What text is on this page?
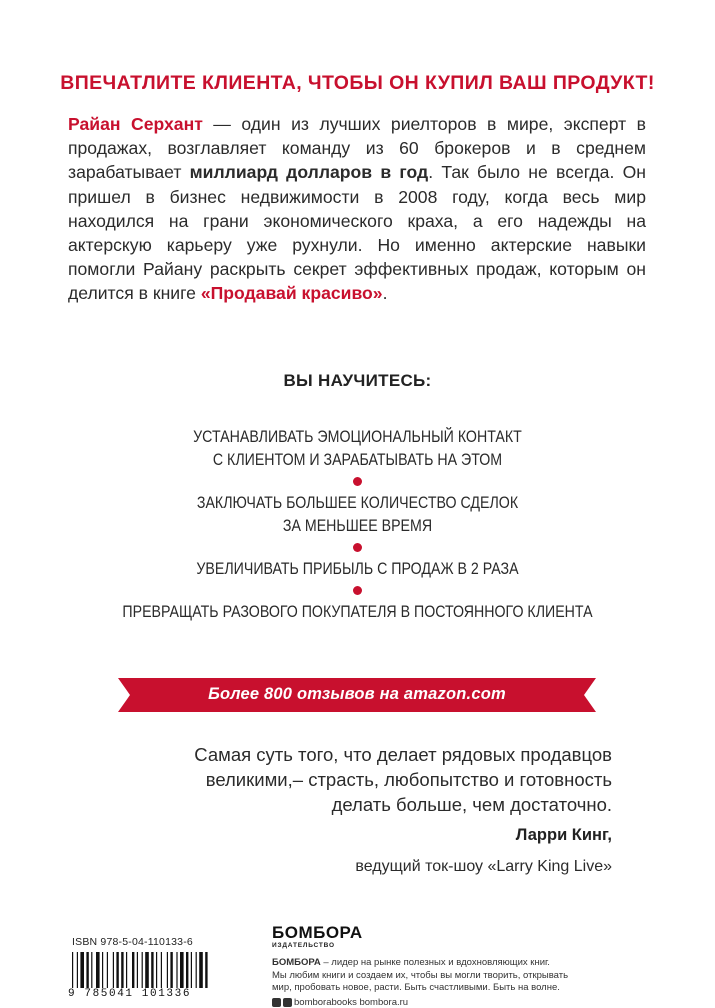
ВПЕЧАТЛИТЕ КЛИЕНТА, ЧТОБЫ ОН КУПИЛ ВАШ ПРОДУКТ!

Райан Серхант — один из лучших риелторов в мире, эксперт в продажах, возглавляет команду из 60 брокеров и в среднем зарабатывает миллиард долларов в год. Так было не всегда. Он пришел в бизнес недвижимости в 2008 году, когда весь мир находился на грани экономического краха, а его надежды на актерскую карьеру уже рухнули. Но именно актерские навыки помогли Райану раскрыть секрет эффективных продаж, которым он делится в книге «Продавай красиво».

ВЫ НАУЧИТЕСЬ:
УСТАНАВЛИВАТЬ ЭМОЦИОНАЛЬНЫЙ КОНТАКТ
С КЛИЕНТОМ И ЗАРАБАТЫВАТЬ НА ЭТОМ
ЗАКЛЮЧАТЬ БОЛЬШЕЕ КОЛИЧЕСТВО СДЕЛОК
ЗА МЕНЬШЕЕ ВРЕМЯ
УВЕЛИЧИВАТЬ ПРИБЫЛЬ С ПРОДАЖ В 2 РАЗА
ПРЕВРАЩАТЬ РАЗОВОГО ПОКУПАТЕЛЯ В ПОСТОЯННОГО КЛИЕНТА
Более 800 отзывов на amazon.com
Самая суть того, что делает рядовых продавцов
великими,– страсть, любопытство и готовность
делать больше, чем достаточно.
Ларри Кинг,
ведущий ток-шоу «Larry King Live»
ISBN 978-5-04-110133-6
9 785041 101336
БОМБОРА
ИЗДАТЕЛЬСТВО
БОМБОРА – лидер на рынке полезных и вдохновляющих книг.
Мы любим книги и создаем их, чтобы вы могли творить, открывать
мир, пробовать новое, расти. Быть счастливыми. Быть на волне.
bomborabooks bombora.ru
